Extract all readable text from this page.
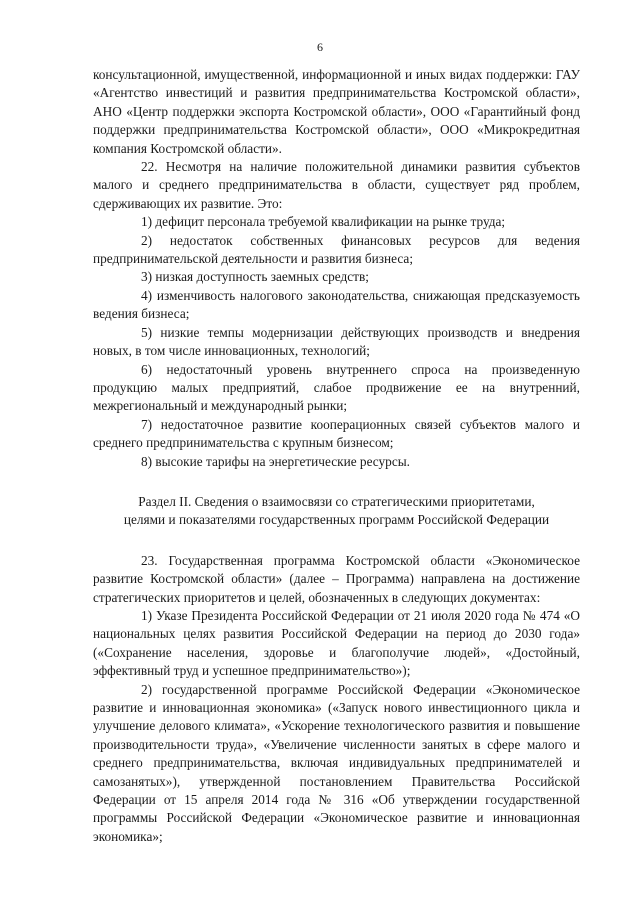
6

консультационной, имущественной, информационной и иных видах поддержки: ГАУ «Агентство инвестиций и развития предпринимательства Костромской области», АНО «Центр поддержки экспорта Костромской области», ООО «Гарантийный фонд поддержки предпринимательства Костромской области», ООО «Микрокредитная компания Костромской области».

22. Несмотря на наличие положительной динамики развития субъектов малого и среднего предпринимательства в области, существует ряд проблем, сдерживающих их развитие. Это:

1) дефицит персонала требуемой квалификации на рынке труда;

2) недостаток собственных финансовых ресурсов для ведения предпринимательской деятельности и развития бизнеса;

3) низкая доступность заемных средств;

4) изменчивость налогового законодательства, снижающая предсказуемость ведения бизнеса;

5) низкие темпы модернизации действующих производств и внедрения новых, в том числе инновационных, технологий;

6) недостаточный уровень внутреннего спроса на произведенную продукцию малых предприятий, слабое продвижение ее на внутренний, межрегиональный и международный рынки;

7) недостаточное развитие кооперационных связей субъектов малого и среднего предпринимательства с крупным бизнесом;

8) высокие тарифы на энергетические ресурсы.

Раздел II. Сведения о взаимосвязи со стратегическими приоритетами,
целями и показателями государственных программ Российской Федерации

23. Государственная программа Костромской области «Экономическое развитие Костромской области» (далее – Программа) направлена на достижение стратегических приоритетов и целей, обозначенных в следующих документах:

1) Указе Президента Российской Федерации от 21 июля 2020 года № 474 «О национальных целях развития Российской Федерации на период до 2030 года» («Сохранение населения, здоровье и благополучие людей», «Достойный, эффективный труд и успешное предпринимательство»);

2) государственной программе Российской Федерации «Экономическое развитие и инновационная экономика» («Запуск нового инвестиционного цикла и улучшение делового климата», «Ускорение технологического развития и повышение производительности труда», «Увеличение численности занятых в сфере малого и среднего предпринимательства, включая индивидуальных предпринимателей и самозанятых»), утвержденной постановлением Правительства Российской Федерации от 15 апреля 2014 года № 316 «Об утверждении государственной программы Российской Федерации «Экономическое развитие и инновационная экономика»;
